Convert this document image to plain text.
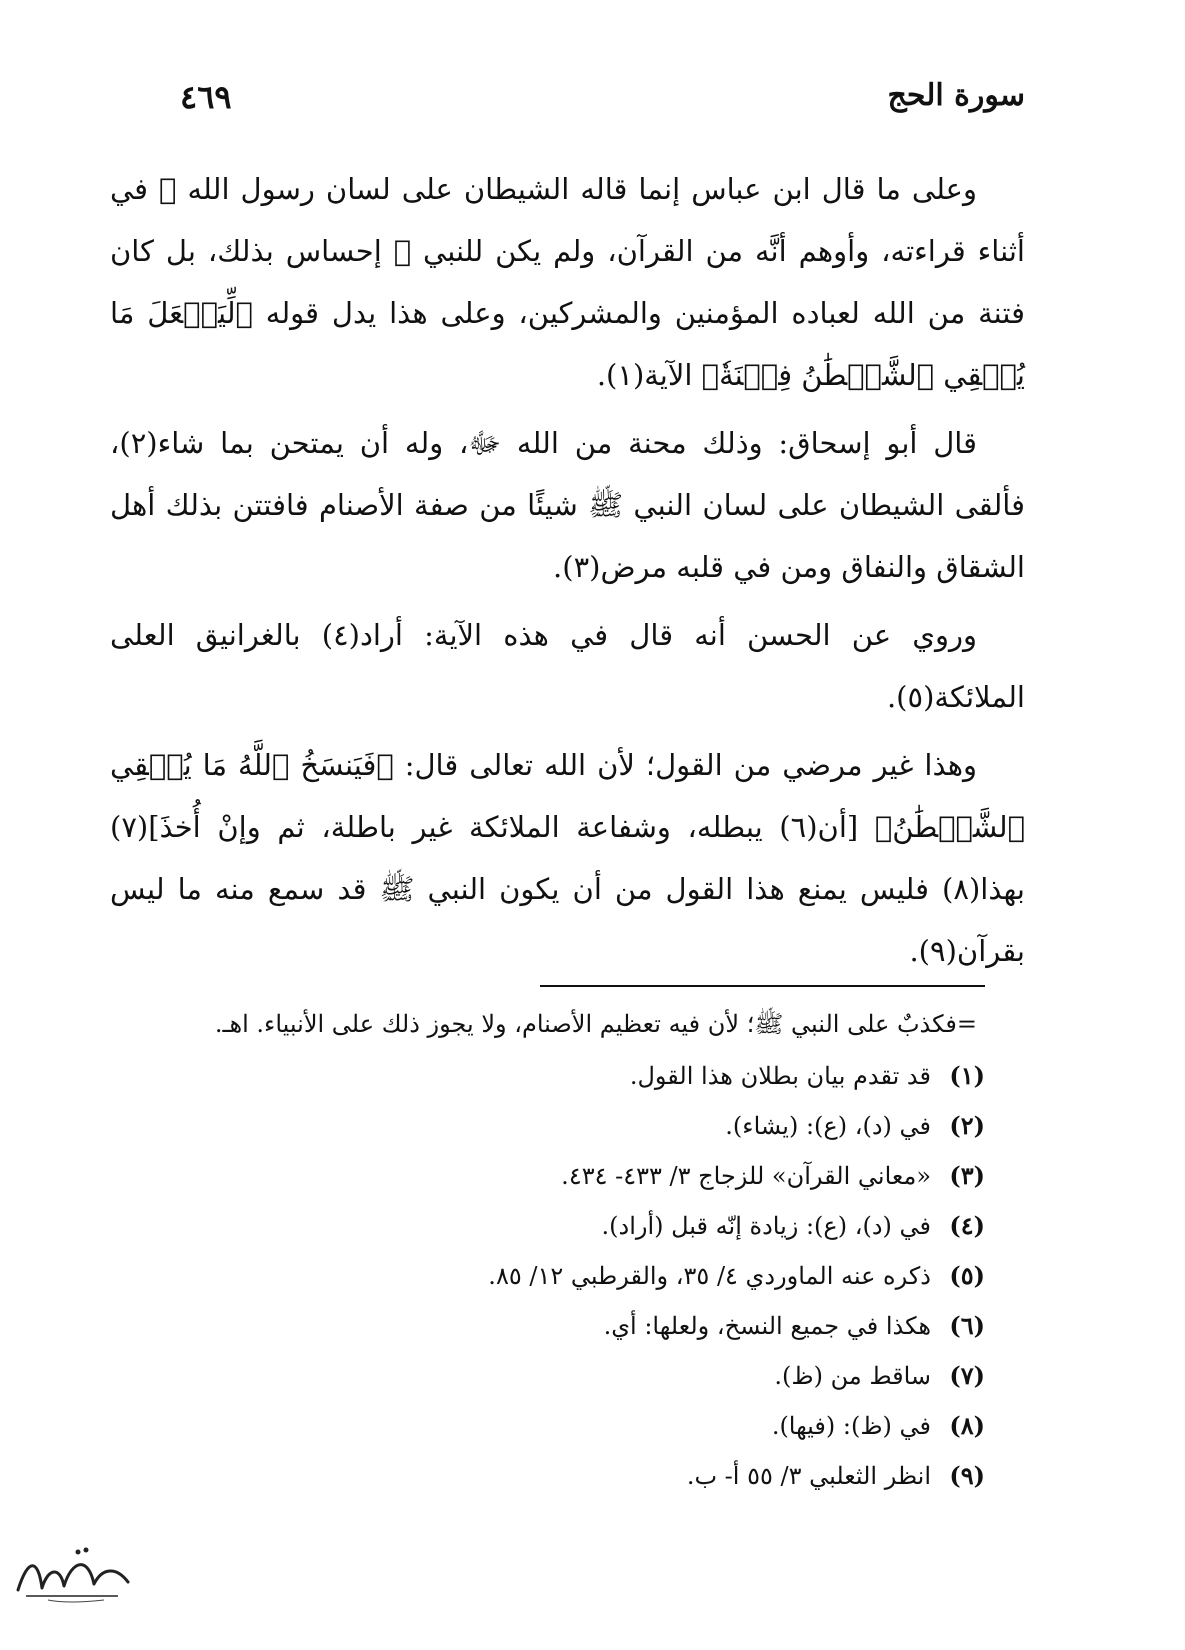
سورة الحج
٤٦٩

وعلى ما قال ابن عباس إنما قاله الشيطان على لسان رسول الله ﷺ في أثناء قراءته، وأوهم أنَّه من القرآن، ولم يكن للنبي ﷺ إحساس بذلك، بل كان فتنة من الله لعباده المؤمنين والمشركين، وعلى هذا يدل قوله ﴿لِّيَجۡعَلَ مَا يُلۡقِي ٱلشَّيۡطَٰنُ فِتۡنَةٗ﴾ الآية(١).

قال أبو إسحاق: وذلك محنة من الله ﷻ، وله أن يمتحن بما شاء(٢)، فألقى الشيطان على لسان النبي ﷺ شيئًا من صفة الأصنام فافتتن بذلك أهل الشقاق والنفاق ومن في قلبه مرض(٣).

وروي عن الحسن أنه قال في هذه الآية: أراد(٤) بالغرانيق العلى الملائكة(٥).

وهذا غير مرضي من القول؛ لأن الله تعالى قال: ﴿فَيَنسَخُ ٱللَّهُ مَا يُلۡقِي ٱلشَّيۡطَٰنُ﴾ [أن(٦) يبطله، وشفاعة الملائكة غير باطلة، ثم وإنْ أُخذَ](٧) بهذا(٨) فليس يمنع هذا القول من أن يكون النبي ﷺ قد سمع منه ما ليس بقرآن(٩).

=فكذبٌ على النبي ﷺ؛ لأن فيه تعظيم الأصنام، ولا يجوز ذلك على الأنبياء. اهـ.

(١)
قد تقدم بيان بطلان هذا القول.

(٢)
في (د)، (ع): (يشاء).

(٣)
«معاني القرآن» للزجاج ٣/ ٤٣٣- ٤٣٤.

(٤)
في (د)، (ع): زيادة إنّه قبل (أراد).

(٥)
ذكره عنه الماوردي ٤/ ٣٥، والقرطبي ١٢/ ٨٥.

(٦)
هكذا في جميع النسخ، ولعلها: أي.

(٧)
ساقط من (ظ).

(٨)
في (ظ): (فيها).

(٩)
انظر الثعلبي ٣/ ٥٥ أ- ب.
